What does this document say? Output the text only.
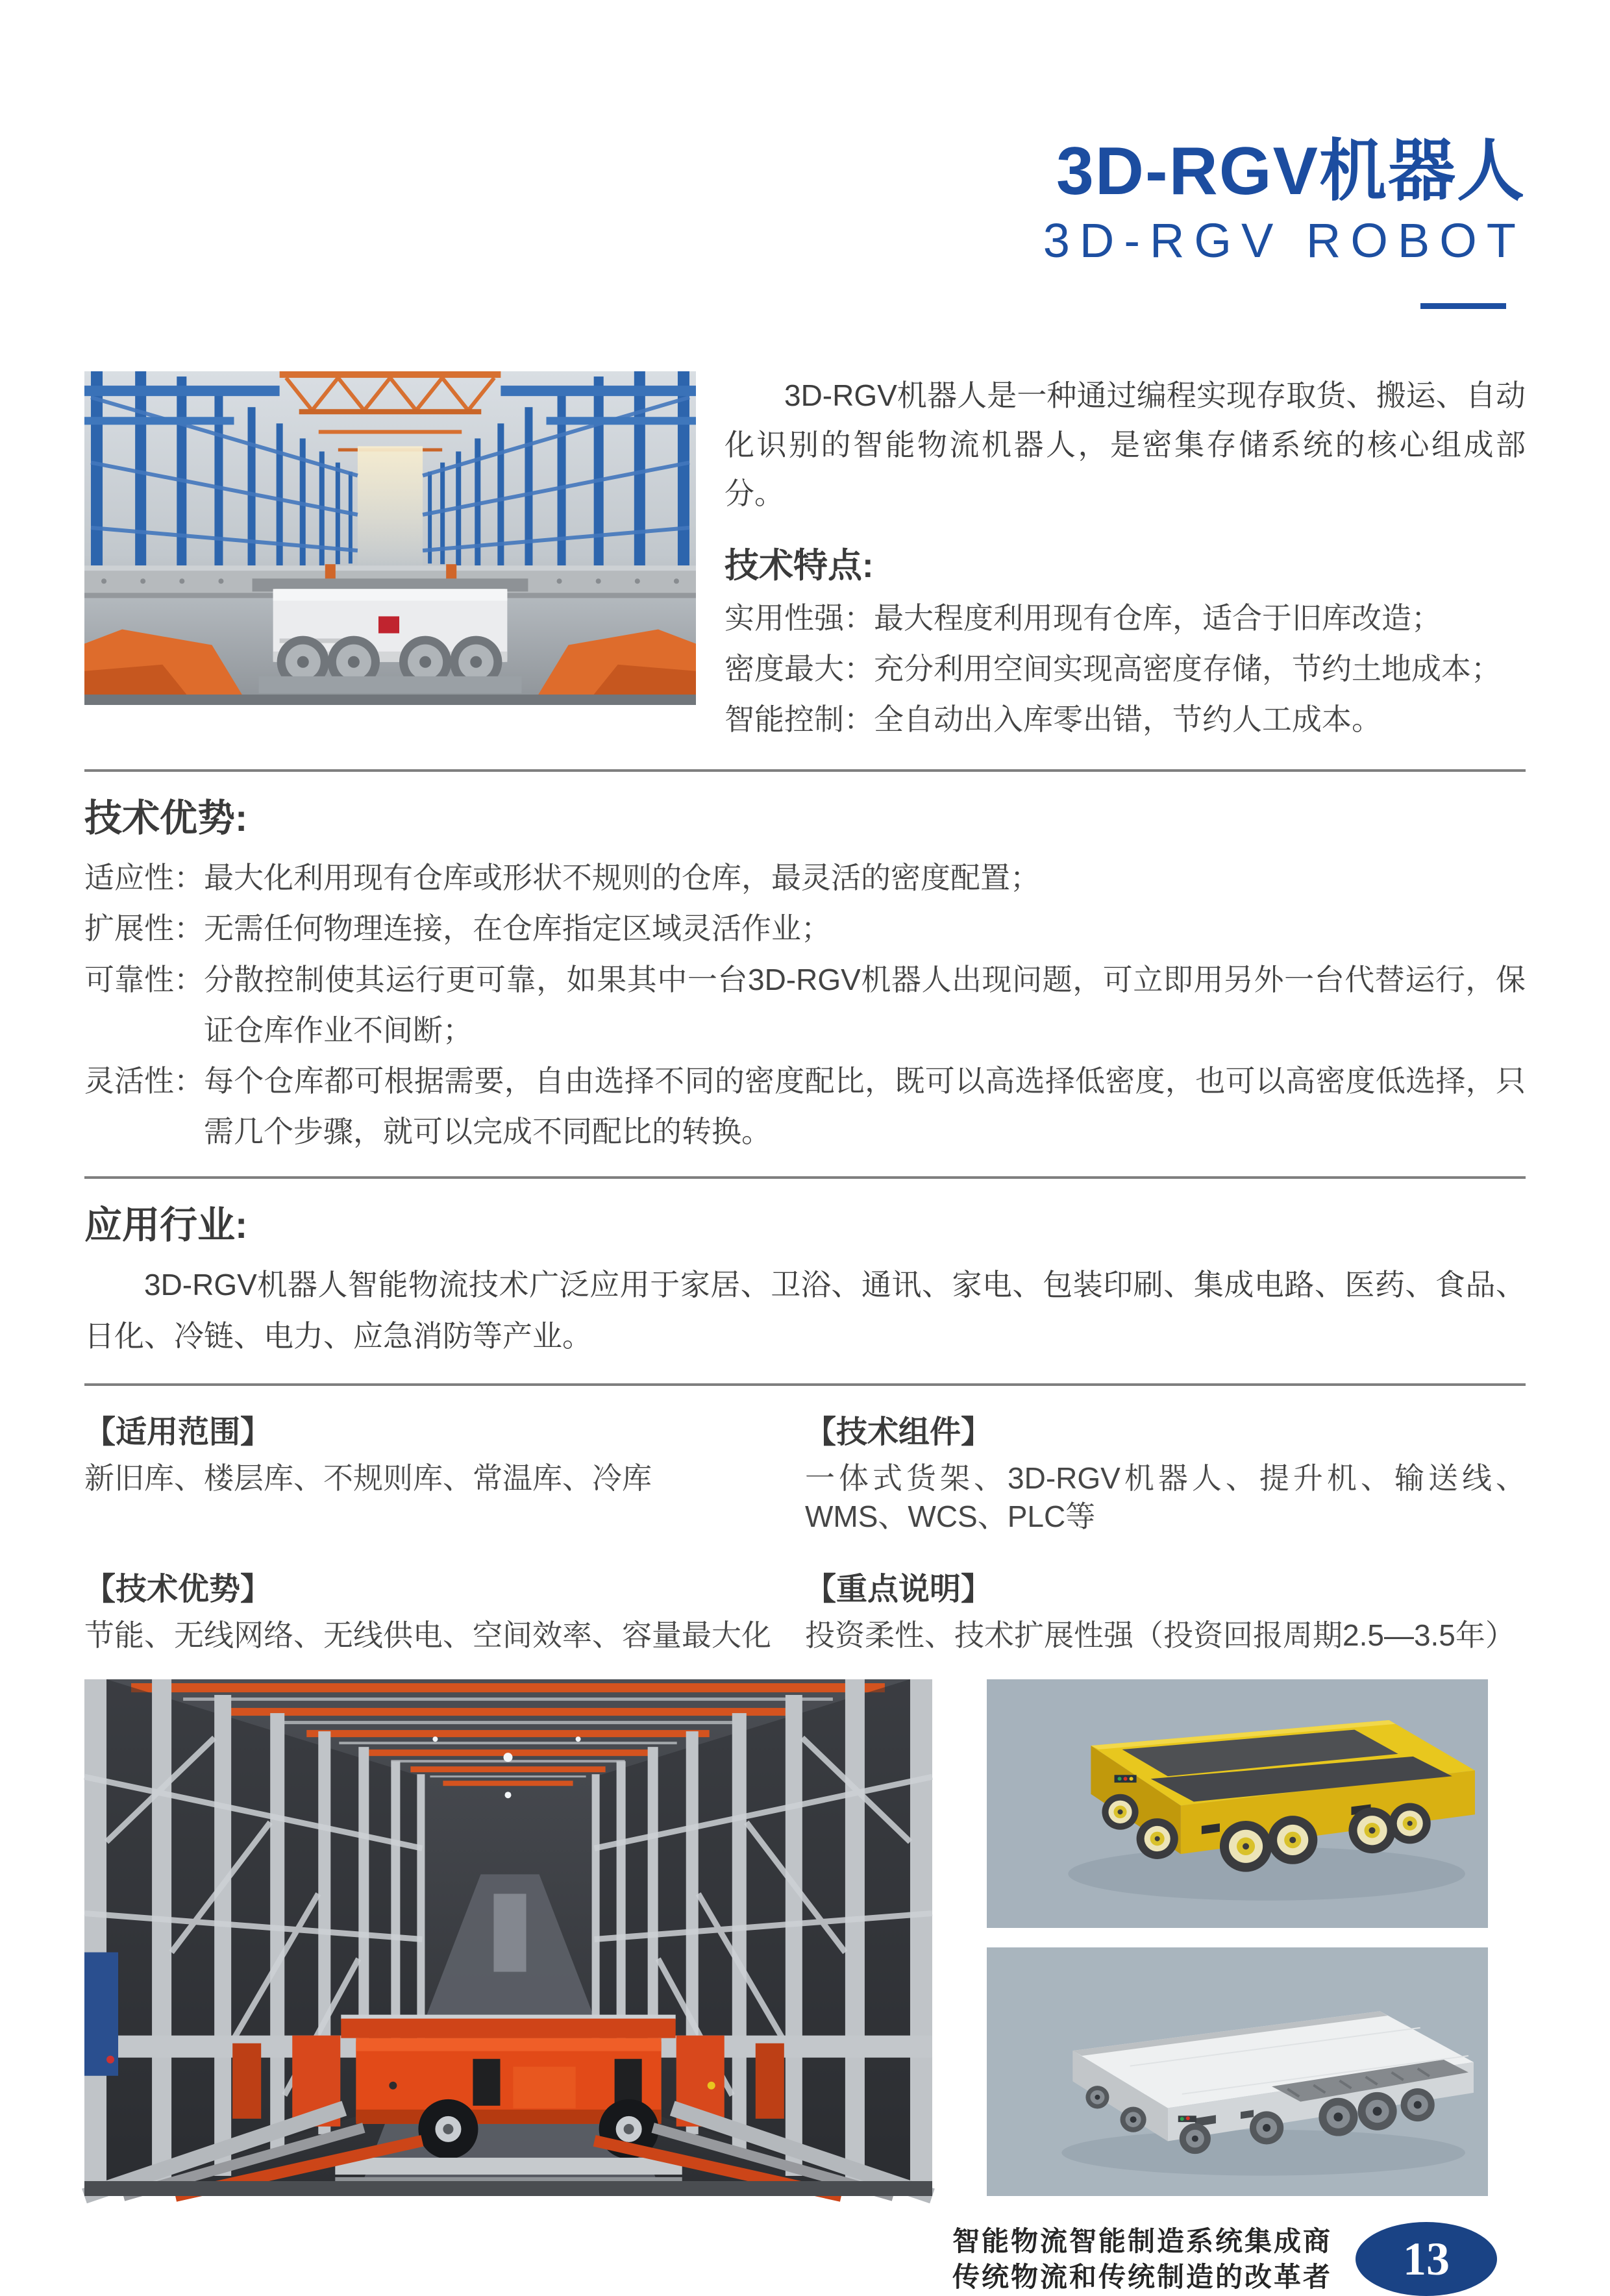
3D-RGV机器人
3D-RGV ROBOT

3D-RGV机器人是一种通过编程实现存取货、搬运、自动化识别的智能物流机器人，是密集存储系统的核心组成部分。

技术特点:
实用性强： 最大程度利用现有仓库，适合于旧库改造；
密度最大： 充分利用空间实现高密度存储，节约土地成本；
智能控制： 全自动出入库零出错，节约人工成本。
技术优势:
适应性： 最大化利用现有仓库或形状不规则的仓库，最灵活的密度配置；
扩展性： 无需任何物理连接，在仓库指定区域灵活作业；
可靠性： 分散控制使其运行更可靠，如果其中一台3D-RGV机器人出现问题，可立即用另外一台代替运行，保证仓库作业不间断；
灵活性： 每个仓库都可根据需要，自由选择不同的密度配比，既可以高选择低密度，也可以高密度低选择，只需几个步骤，就可以完成不同配比的转换。
应用行业:

3D-RGV机器人智能物流技术广泛应用于家居、卫浴、通讯、家电、包装印刷、集成电路、医药、食品、日化、冷链、电力、应急消防等产业。

【适用范围】
新旧库、楼层库、不规则库、常温库、冷库
【技术组件】
一体式货架、3D-RGV机器人、提升机、输送线、WMS、WCS、PLC等
【技术优势】
节能、无线网络、无线供电、空间效率、容量最大化
【重点说明】
投资柔性、技术扩展性强（投资回报周期2.5—3.5年）
智能物流智能制造系统集成商
传统物流和传统制造的改革者 13
